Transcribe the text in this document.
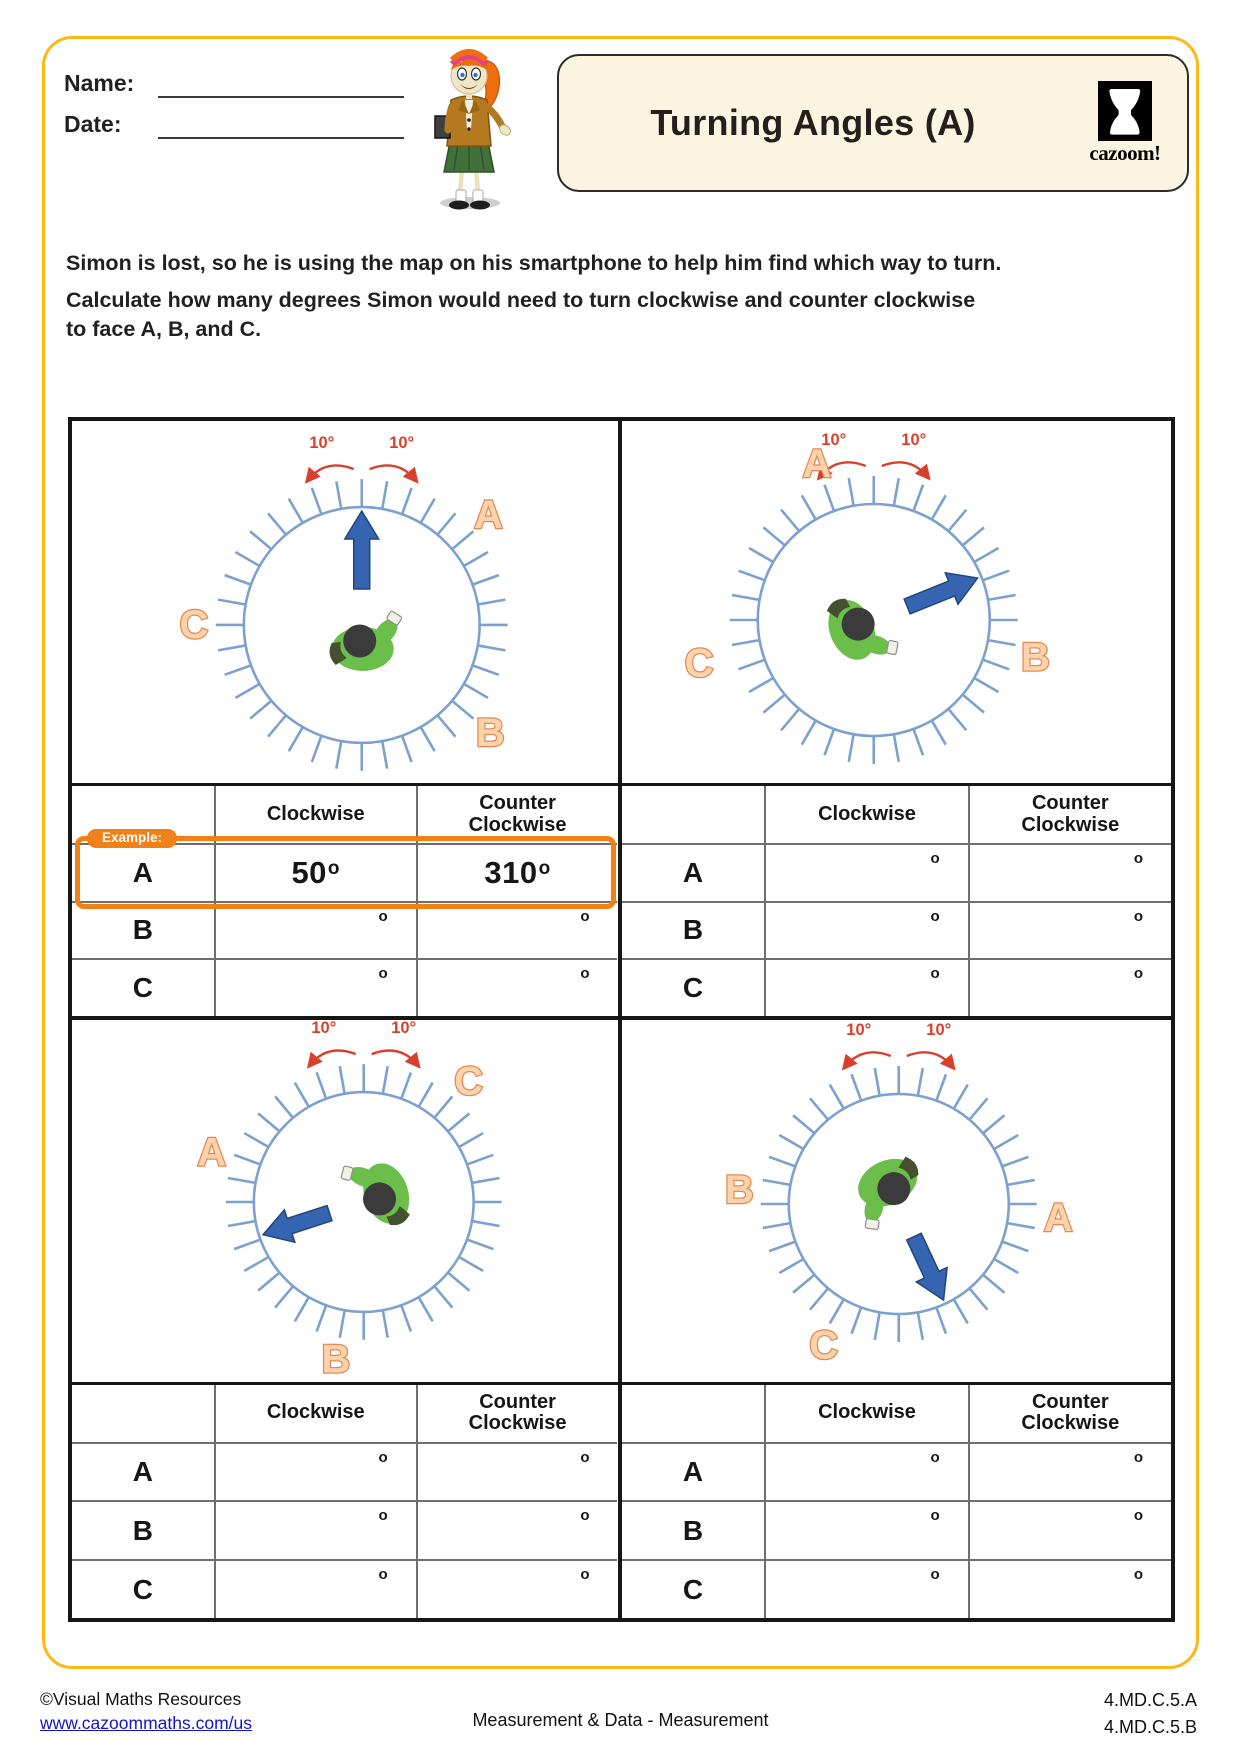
Name:
Date:	Turning Angles (A)
cazoom!

Simon is lost, so he is using the map on his smartphone to help him find which way to turn.

Calculate how many degrees Simon would need to turn clockwise and counter clockwise
to face A, B, and C.

10°	10°
A
B
C
Clockwise	Counter Clockwise
A	50$^o$	310$^o$
B	o	o
C	o	o
Example:
10°	10°
A
B
C
Clockwise	Counter Clockwise
A	o	o
B	o	o
C	o	o
10°	10°
A
B
C
Clockwise	Counter Clockwise
A	o	o
B	o	o
C	o	o
10°	10°
A
B
C
Clockwise	Counter Clockwise
A	o	o
B	o	o
C	o	o
©Visual Maths Resources
www.cazoommaths.com/us	Measurement & Data - Measurement
4.MD.C.5.A
4.MD.C.5.B
